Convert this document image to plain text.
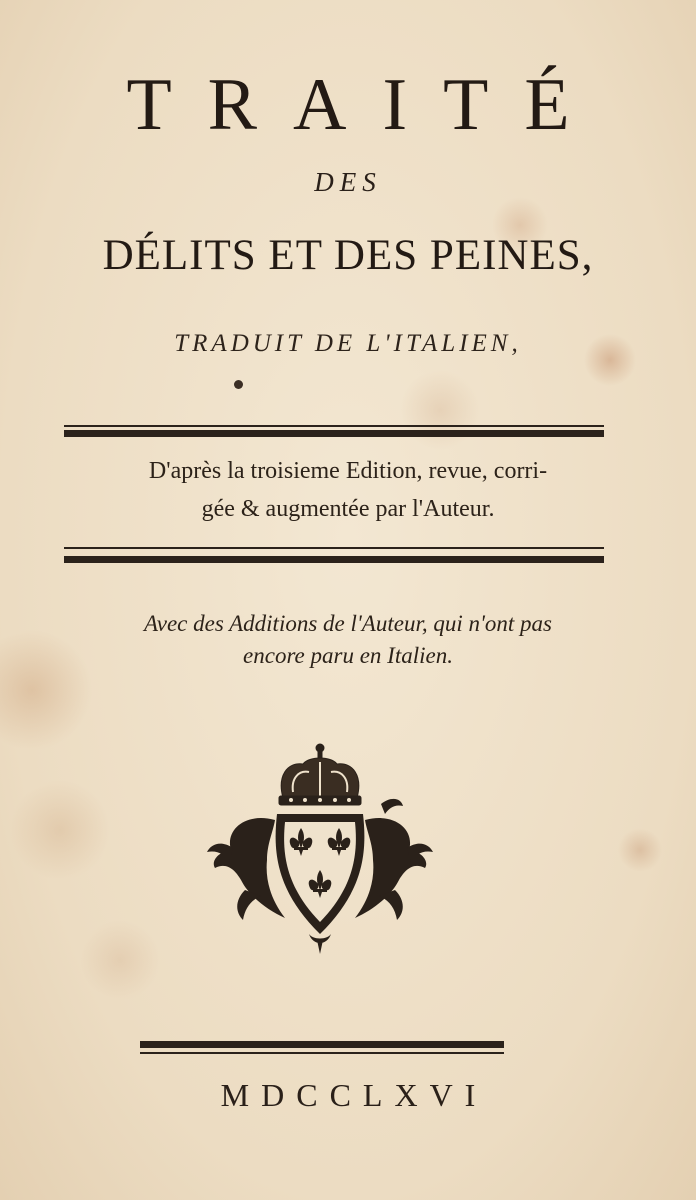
TRAITÉ
DES
DÉLITS ET DES PEINES,
TRADUIT DE L'ITALIEN,
D'après la troisieme Edition, revue, corri-
gée & augmentée par l'Auteur.
Avec des Additions de l'Auteur, qui n'ont pas
encore paru en Italien.
MDCCLXVI
